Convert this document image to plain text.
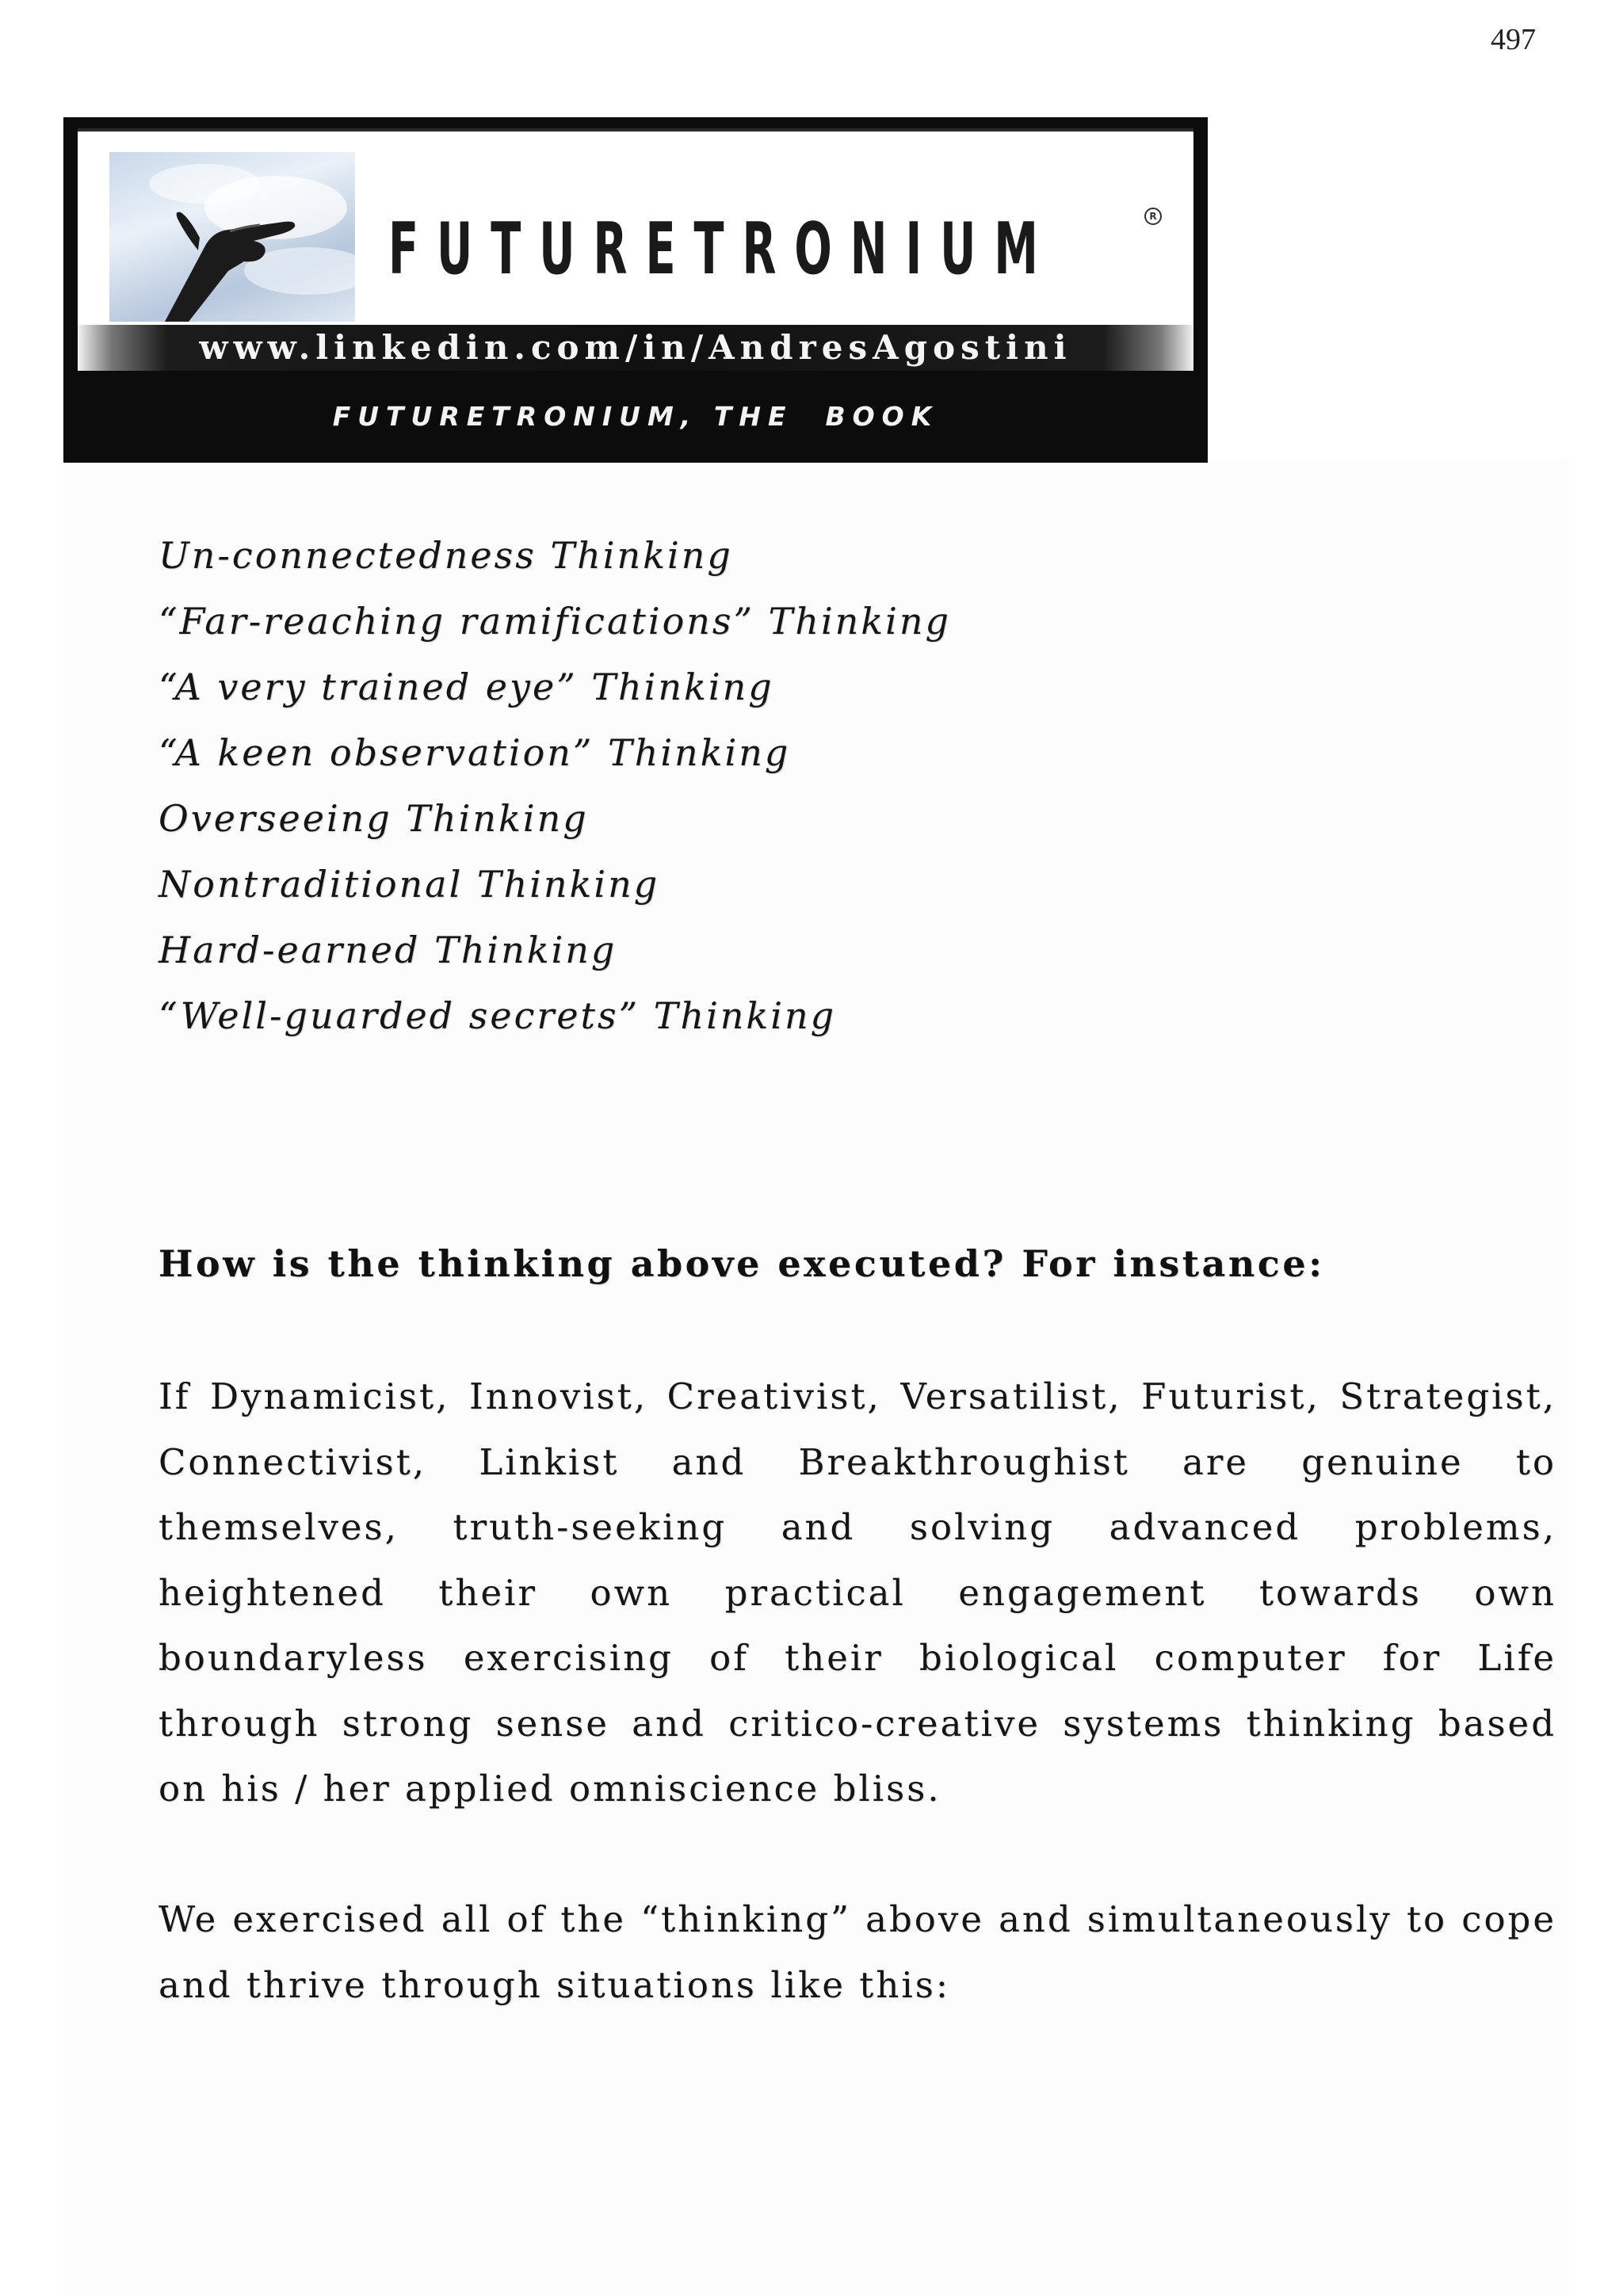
497
FUTURETRONIUM	R
www.linkedin.com/in/AndresAgostini
FUTURETRONIUM, THE  BOOK
Un-connectedness Thinking
“Far-reaching ramifications” Thinking
“A very trained eye” Thinking
“A keen observation” Thinking
Overseeing Thinking
Nontraditional Thinking
Hard-earned Thinking
“Well-guarded secrets” Thinking
How is the thinking above executed? For instance:

If Dynamicist, Innovist, Creativist, Versatilist, Futurist, Strategist, Connectivist, Linkist and Breakthroughist are genuine to themselves, truth-seeking and solving advanced problems, heightened their own practical engagement towards own boundaryless exercising of their biological computer for Life through strong sense and critico-creative systems thinking based on his / her applied omniscience bliss.

We exercised all of the “thinking” above and simultaneously to cope and thrive through situations like this:
